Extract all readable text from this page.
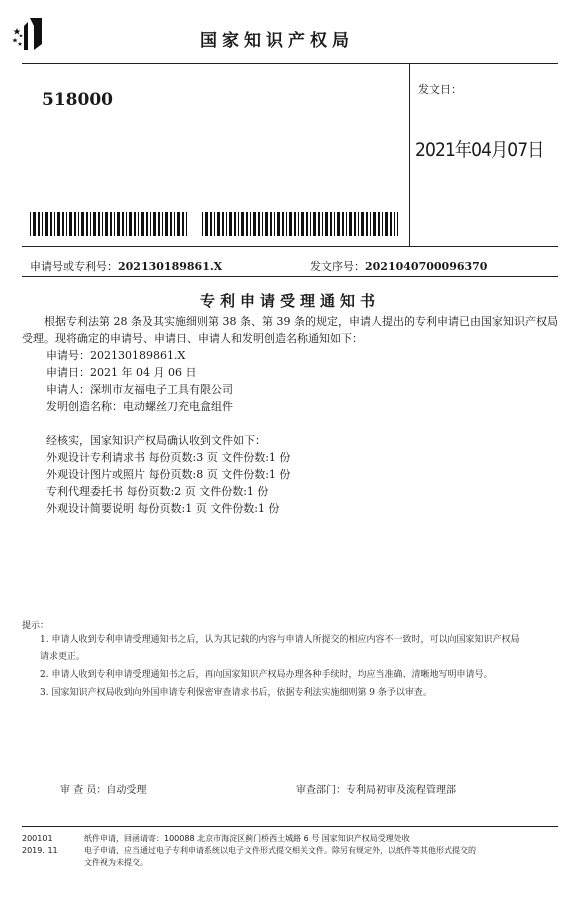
国家知识产权局
518000
发文日：
2021年04月07日
申请号或专利号：202130189861.X	发文序号：2021040700096370
专利申请受理通知书
根据专利法第 28 条及其实施细则第 38 条、第 39 条的规定，申请人提出的专利申请已由国家知识产权局受理。现将确定的申请号、申请日、申请人和发明创造名称通知如下：
申请号：202130189861.X
申请日：2021 年 04 月 06 日
申请人：深圳市友福电子工具有限公司
发明创造名称：电动螺丝刀充电盒组件
经核实，国家知识产权局确认收到文件如下：
外观设计专利请求书 每份页数:3 页 文件份数:1 份
外观设计图片或照片 每份页数:8 页 文件份数:1 份
专利代理委托书 每份页数:2 页 文件份数:1 份
外观设计简要说明 每份页数:1 页 文件份数:1 份
提示：
1. 申请人收到专利申请受理通知书之后，认为其记载的内容与申请人所提交的相应内容不一致时，可以向国家知识产权局
请求更正。
2. 申请人收到专利申请受理通知书之后，再向国家知识产权局办理各种手续时，均应当准确、清晰地写明申请号。
3. 国家知识产权局收到向外国申请专利保密审查请求书后，依据专利法实施细则第 9 条予以审查。
审 查 员：自动受理	审查部门：专利局初审及流程管理部
200101
2019. 11
纸件申请，回函请寄：100088 北京市海淀区蓟门桥西土城路 6 号 国家知识产权局受理处收
电子申请，应当通过电子专利申请系统以电子文件形式提交相关文件。除另有规定外，以纸件等其他形式提交的
文件视为未提交。
